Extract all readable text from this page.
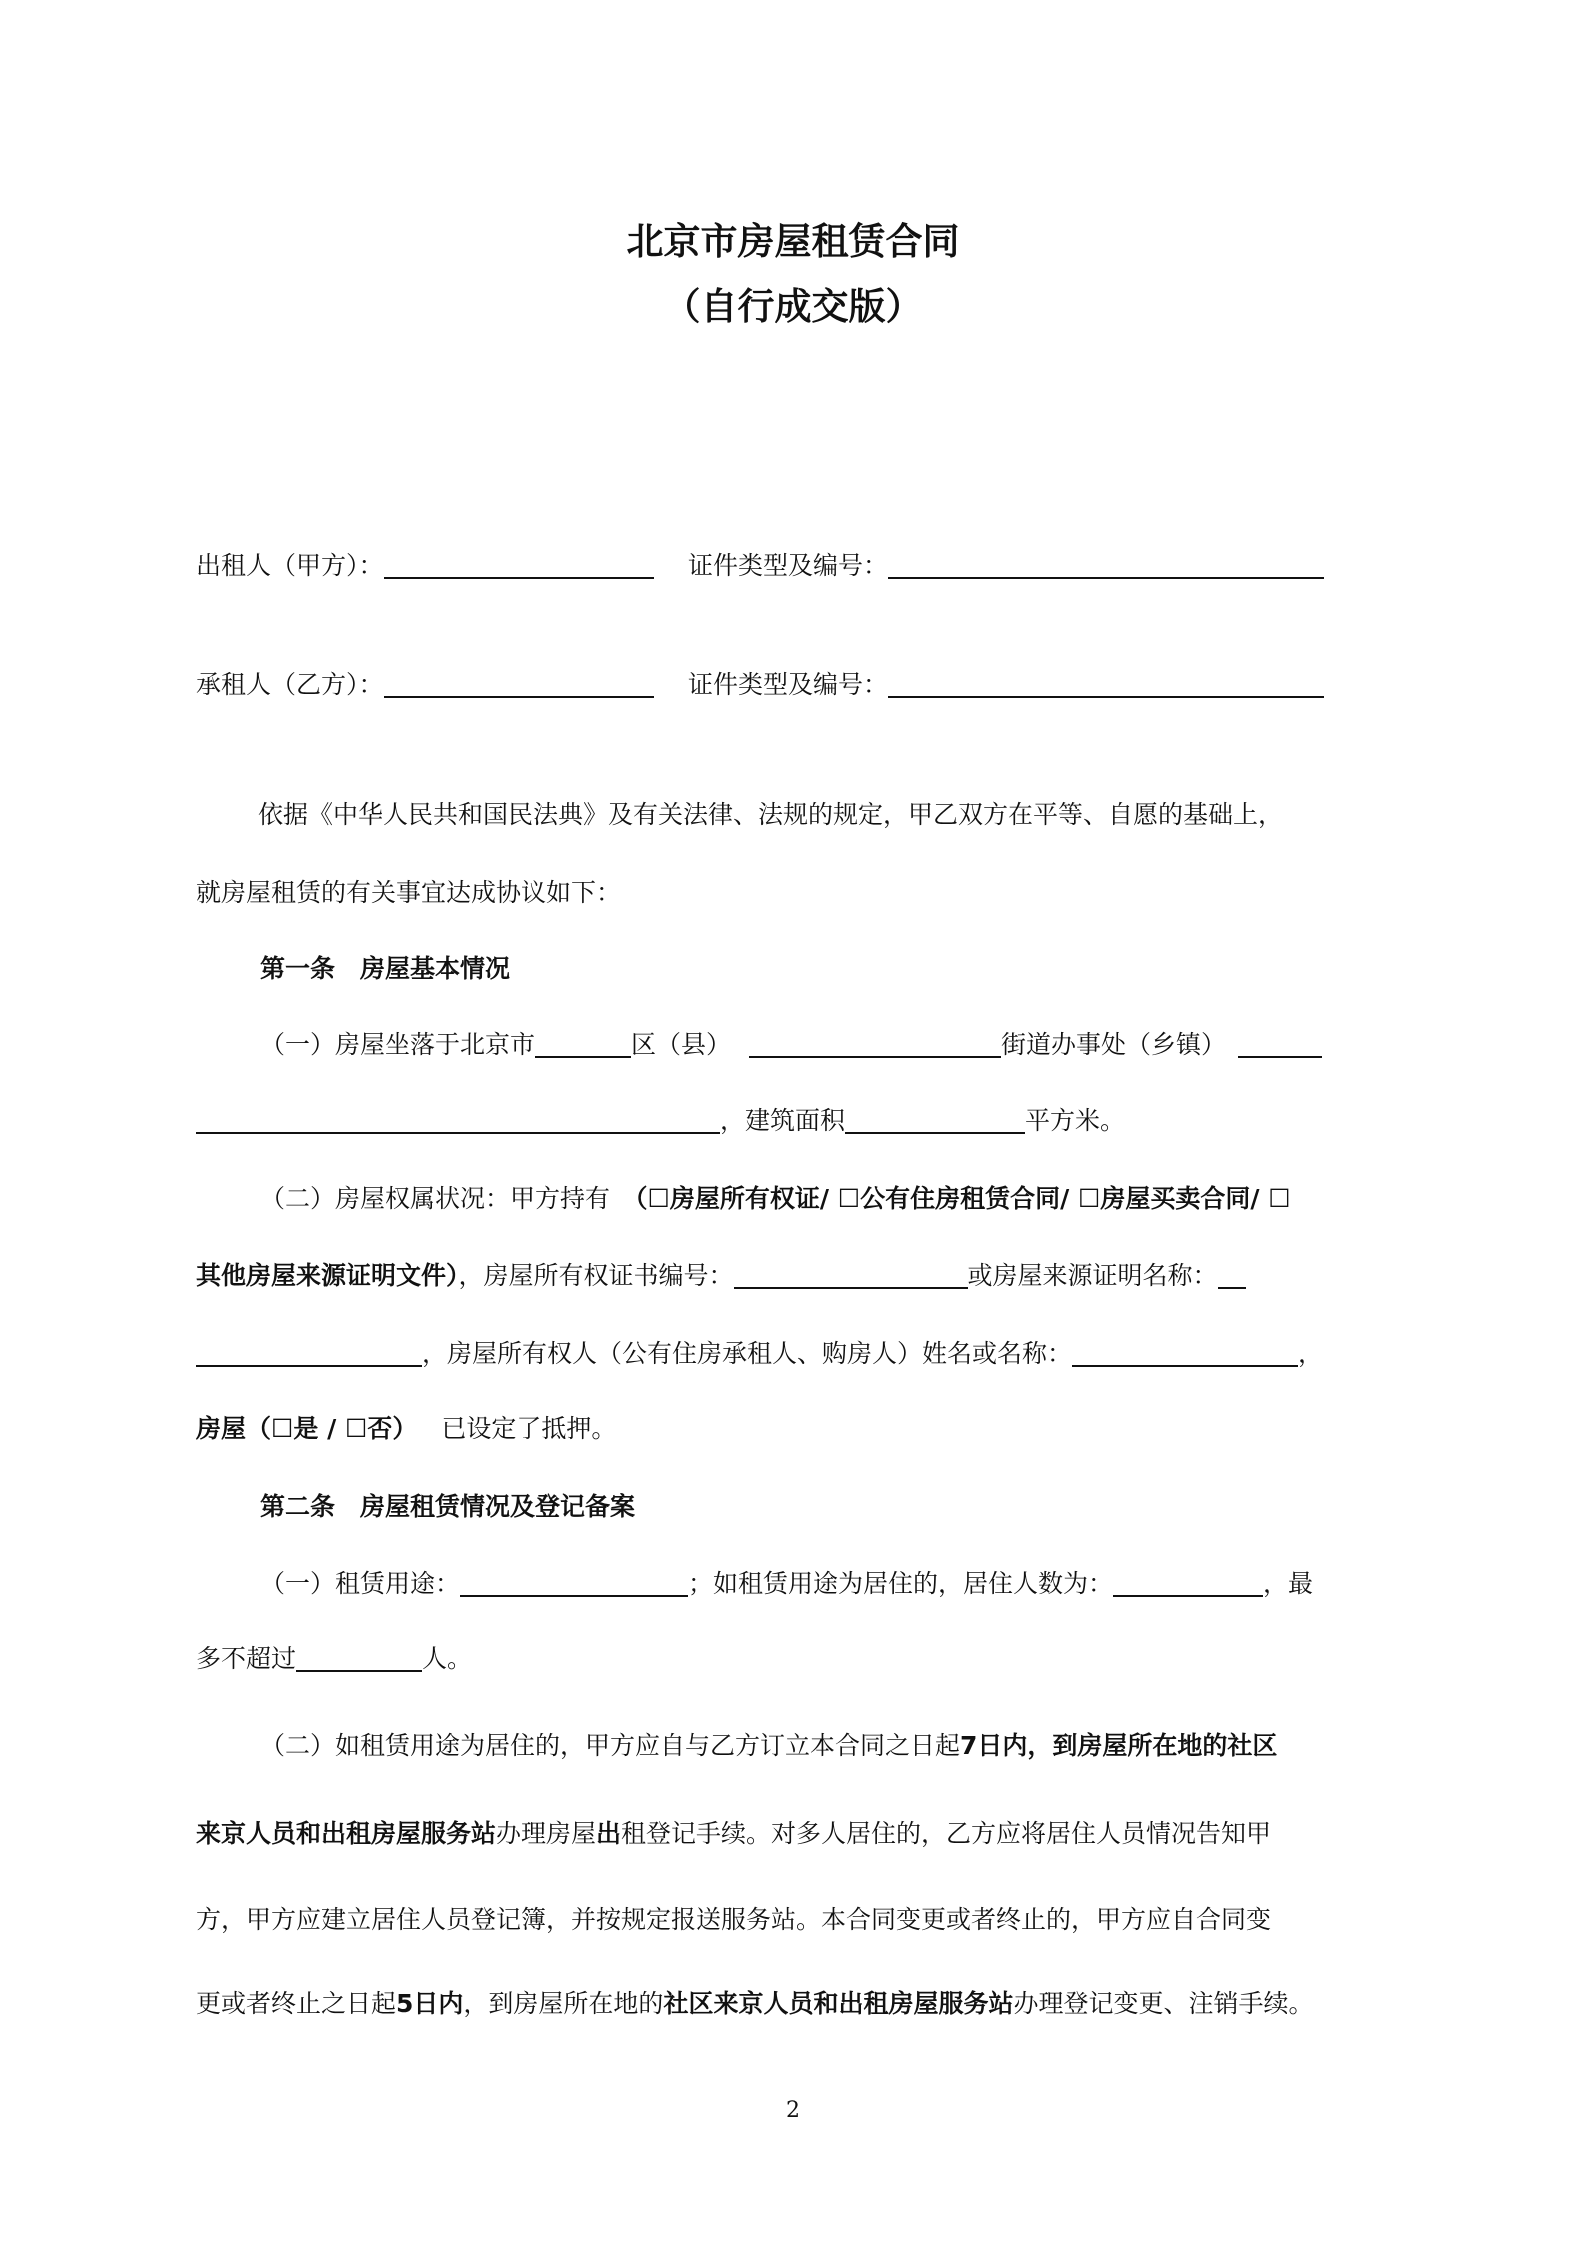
北京市房屋租赁合同
（自行成交版）
出租人（甲方）：	证件类型及编号：
承租人（乙方）：	证件类型及编号：
依据《中华人民共和国民法典》及有关法律、法规的规定，甲乙双方在平等、自愿的基础上，
就房屋租赁的有关事宜达成协议如下：
第一条　房屋基本情况
（一）房屋坐落于北京市	区（县）	街道办事处（乡镇）
，建筑面积	平方米。
（二）房屋权属状况：甲方持有　（☐房屋所有权证/ ☐公有住房租赁合同/ ☐房屋买卖合同/ ☐
其他房屋来源证明文件），房屋所有权证书编号：	或房屋来源证明名称：
，房屋所有权人（公有住房承租人、购房人）姓名或名称：	，
房屋（☐是 / ☐否） 已设定了抵押。
第二条　房屋租赁情况及登记备案
（一）租赁用途：	；如租赁用途为居住的，居住人数为：	，最
多不超过	人。
（二）如租赁用途为居住的，甲方应自与乙方订立本合同之日起7日内，到房屋所在地的社区
来京人员和出租房屋服务站办理房屋出租登记手续。对多人居住的，乙方应将居住人员情况告知甲
方，甲方应建立居住人员登记簿，并按规定报送服务站。本合同变更或者终止的，甲方应自合同变
更或者终止之日起5日内，到房屋所在地的社区来京人员和出租房屋服务站办理登记变更、注销手续。
2
